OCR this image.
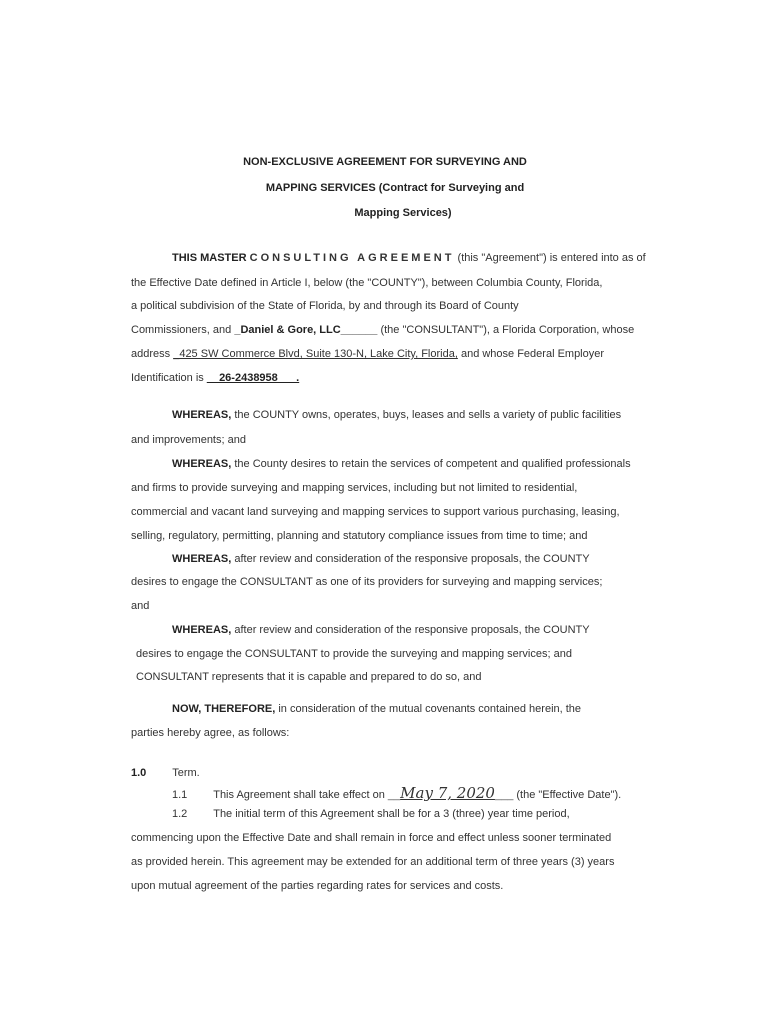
NON-EXCLUSIVE AGREEMENT FOR SURVEYING AND
MAPPING SERVICES (Contract for Surveying and
Mapping Services)
THIS MASTER CONSULTING AGREEMENT (this "Agreement") is entered into as of
the Effective Date defined in Article I, below (the "COUNTY"), between Columbia County, Florida,
a political subdivision of the State of Florida, by and through its Board of County
Commissioners, and _Daniel & Gore, LLC______ (the "CONSULTANT"), a Florida Corporation, whose
address _425 SW Commerce Blvd, Suite 130-N, Lake City, Florida, and whose Federal Employer
Identification is __26-2438958___.
WHEREAS, the COUNTY owns, operates, buys, leases and sells a variety of public facilities
and improvements; and
WHEREAS, the County desires to retain the services of competent and qualified professionals
and firms to provide surveying and mapping services, including but not limited to residential,
commercial and vacant land surveying and mapping services to support various purchasing, leasing,
selling, regulatory, permitting, planning and statutory compliance issues from time to time; and
WHEREAS, after review and consideration of the responsive proposals, the COUNTY
desires to engage the CONSULTANT as one of its providers for surveying and mapping services;
and
WHEREAS, after review and consideration of the responsive proposals, the COUNTY
desires to engage the CONSULTANT to provide the surveying and mapping services; and
CONSULTANT represents that it is capable and prepared to do so, and
NOW, THEREFORE, in consideration of the mutual covenants contained herein, the
parties hereby agree, as follows:
1.0 Term.
1.1 This Agreement shall take effect on __May 7, 2020___ (the "Effective Date").
1.2 The initial term of this Agreement shall be for a 3 (three) year time period,
commencing upon the Effective Date and shall remain in force and effect unless sooner terminated
as provided herein. This agreement may be extended for an additional term of three years (3) years
upon mutual agreement of the parties regarding rates for services and costs.
